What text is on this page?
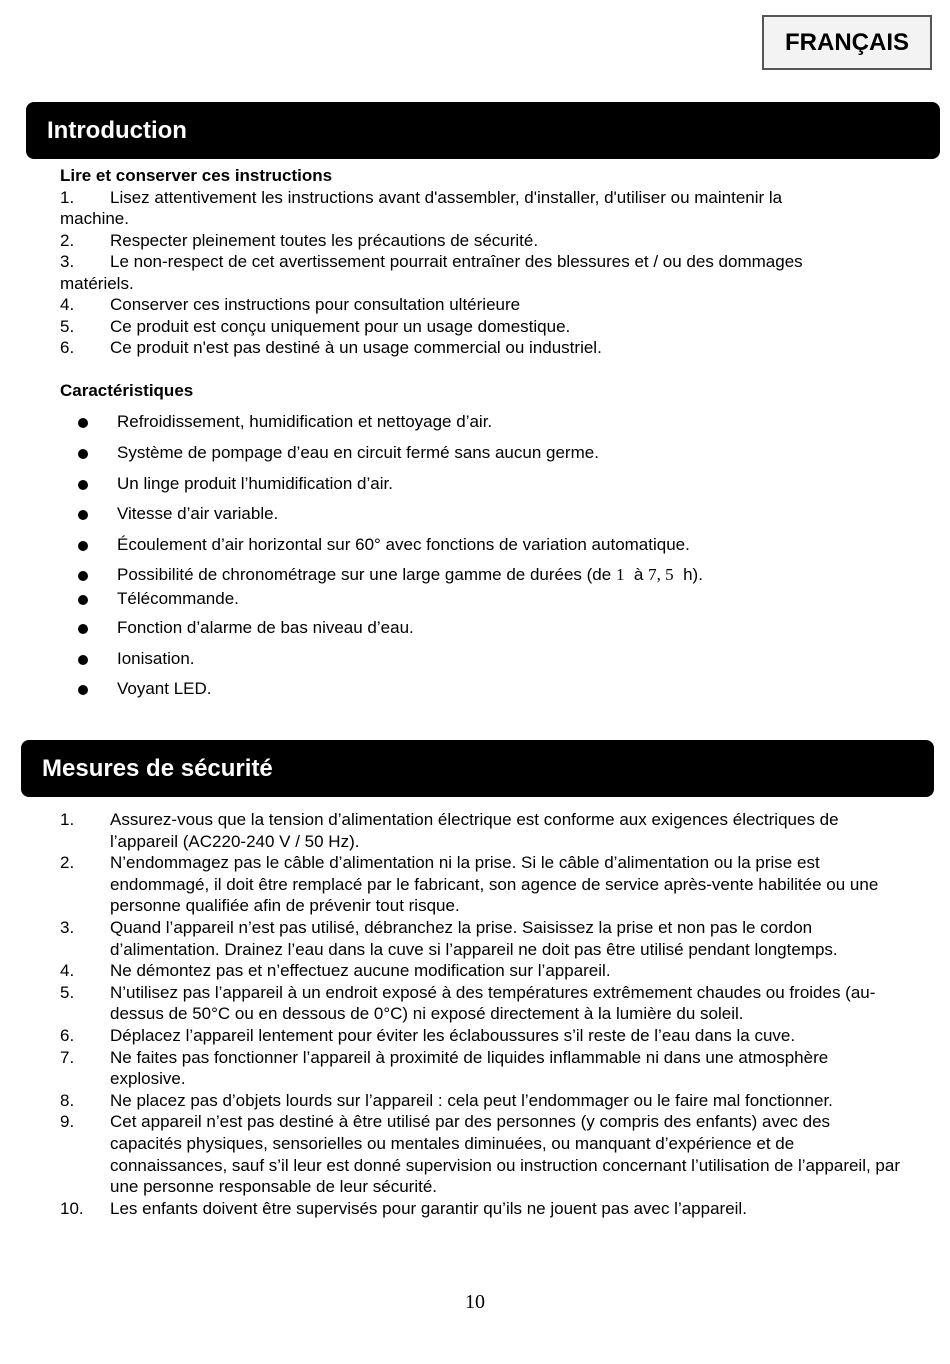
FRANÇAIS
Introduction
Lire et conserver ces instructions
1. Lisez attentivement les instructions avant d'assembler, d'installer, d'utiliser ou maintenir la
machine.
2. Respecter pleinement toutes les précautions de sécurité.
3. Le non-respect de cet avertissement pourrait entraîner des blessures et / ou des dommages
matériels.
4. Conserver ces instructions pour consultation ultérieure
5. Ce produit est conçu uniquement pour un usage domestique.
6. Ce produit n'est pas destiné à un usage commercial ou industriel.
Caractéristiques
Refroidissement, humidification et nettoyage d’air.
Système de pompage d’eau en circuit fermé sans aucun germe.
Un linge produit l’humidification d’air.
Vitesse d’air variable.
Écoulement d’air horizontal sur 60° avec fonctions de variation automatique.
Possibilité de chronométrage sur une large gamme de durées (de 1 à 7, 5 h).
Télécommande.
Fonction d’alarme de bas niveau d’eau.
Ionisation.
Voyant LED.
Mesures de sécurité
1.	Assurez-vous que la tension d’alimentation électrique est conforme aux exigences électriques de l’appareil (AC220-240 V / 50 Hz).
2.	N’endommagez pas le câble d’alimentation ni la prise. Si le câble d’alimentation ou la prise est endommagé, il doit être remplacé par le fabricant, son agence de service après-vente habilitée ou une personne qualifiée afin de prévenir tout risque.
3.	Quand l’appareil n’est pas utilisé, débranchez la prise. Saisissez la prise et non pas le cordon d’alimentation. Drainez l’eau dans la cuve si l’appareil ne doit pas être utilisé pendant longtemps.
4.	Ne démontez pas et n’effectuez aucune modification sur l’appareil.
5.	N’utilisez pas l’appareil à un endroit exposé à des températures extrêmement chaudes ou froides (au-dessus de 50°C ou en dessous de 0°C) ni exposé directement à la lumière du soleil.
6.	Déplacez l’appareil lentement pour éviter les éclaboussures s’il reste de l’eau dans la cuve.
7.	Ne faites pas fonctionner l’appareil à proximité de liquides inflammable ni dans une atmosphère explosive.
8.	Ne placez pas d’objets lourds sur l’appareil : cela peut l’endommager ou le faire mal fonctionner.
9.	Cet appareil n’est pas destiné à être utilisé par des personnes (y compris des enfants) avec des capacités physiques, sensorielles ou mentales diminuées, ou manquant d’expérience et de connaissances, sauf s’il leur est donné supervision ou instruction concernant l’utilisation de l’appareil, par une personne responsable de leur sécurité.
10.	Les enfants doivent être supervisés pour garantir qu’ils ne jouent pas avec l’appareil.
10
